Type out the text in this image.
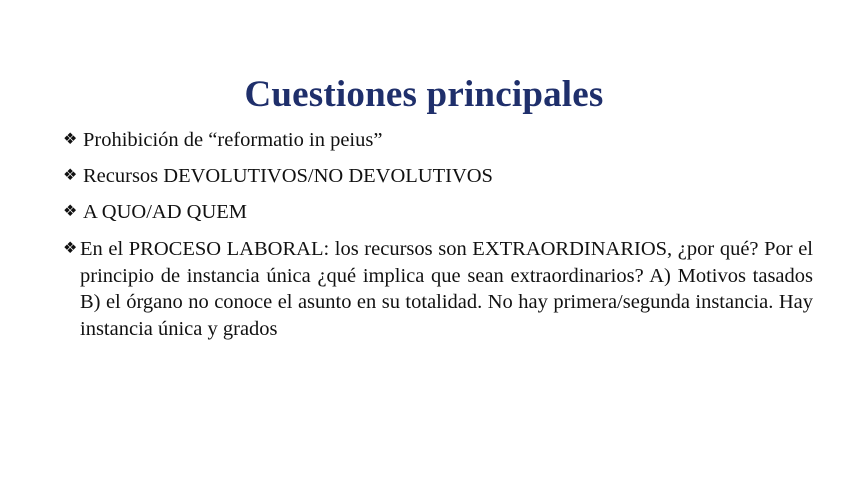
Cuestiones principales
❖ Prohibición de “reformatio in peius”
❖ Recursos DEVOLUTIVOS/NO DEVOLUTIVOS
❖ A QUO/AD QUEM
❖ En el PROCESO LABORAL: los recursos son EXTRAORDINARIOS, ¿por qué? Por el principio de instancia única ¿qué implica que sean extraordinarios? A) Motivos tasados B) el órgano no conoce el asunto en su totalidad. No hay primera/segunda instancia. Hay instancia única y grados
